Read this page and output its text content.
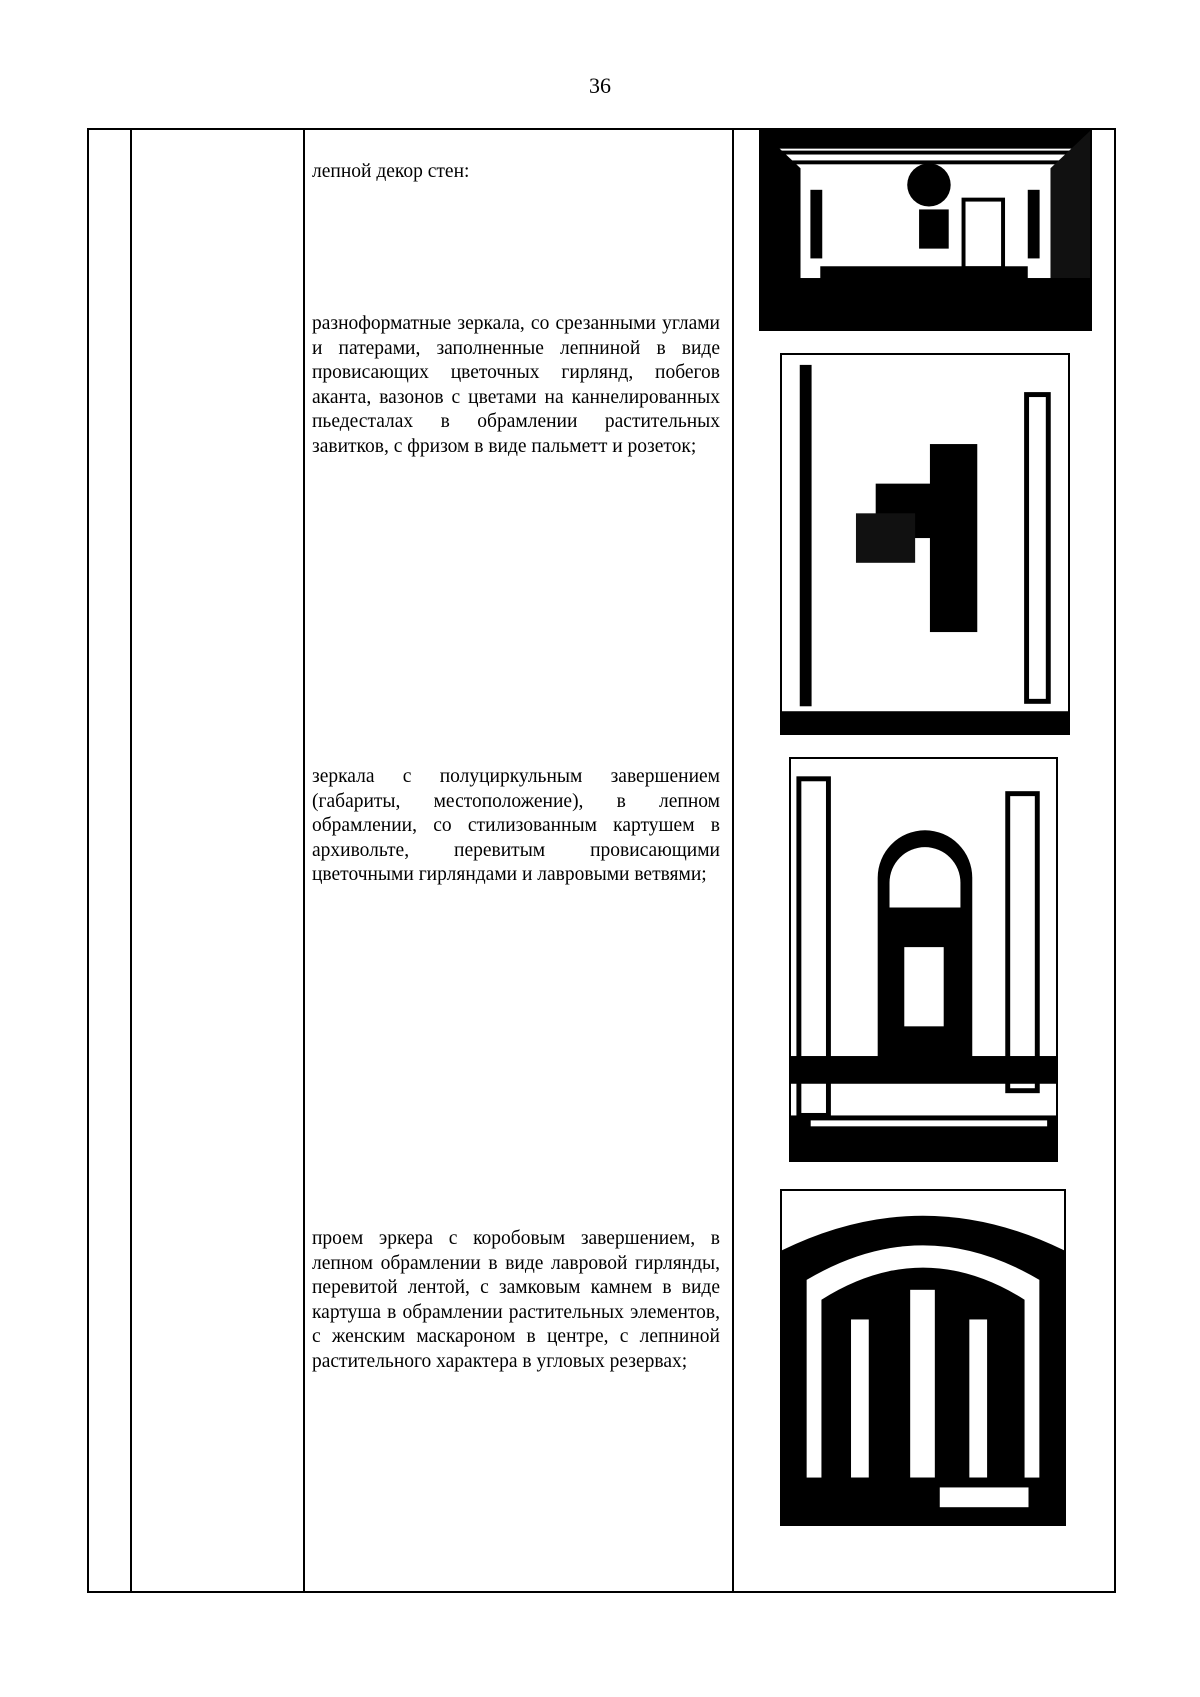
36

лепной декор стен:

разноформатные зеркала, со срезанными углами и патерами, заполненные лепниной в виде провисающих цветочных гирлянд, побегов аканта, вазонов с цветами на каннелированных пьедесталах в обрамлении растительных завитков, с фризом в виде пальметт и розеток;

зеркала с полуциркульным завершением (габариты, местоположение), в лепном обрамлении, со стилизованным картушем в архивольте, перевитым провисающими цветочными гирляндами и лавровыми ветвями;

проем эркера с коробовым завершением, в лепном обрамлении в виде лавровой гирлянды, перевитой лентой, с замковым камнем в виде картуша в обрамлении растительных элементов, с женским маскароном в центре, с лепниной растительного характера в угловых резервах;
